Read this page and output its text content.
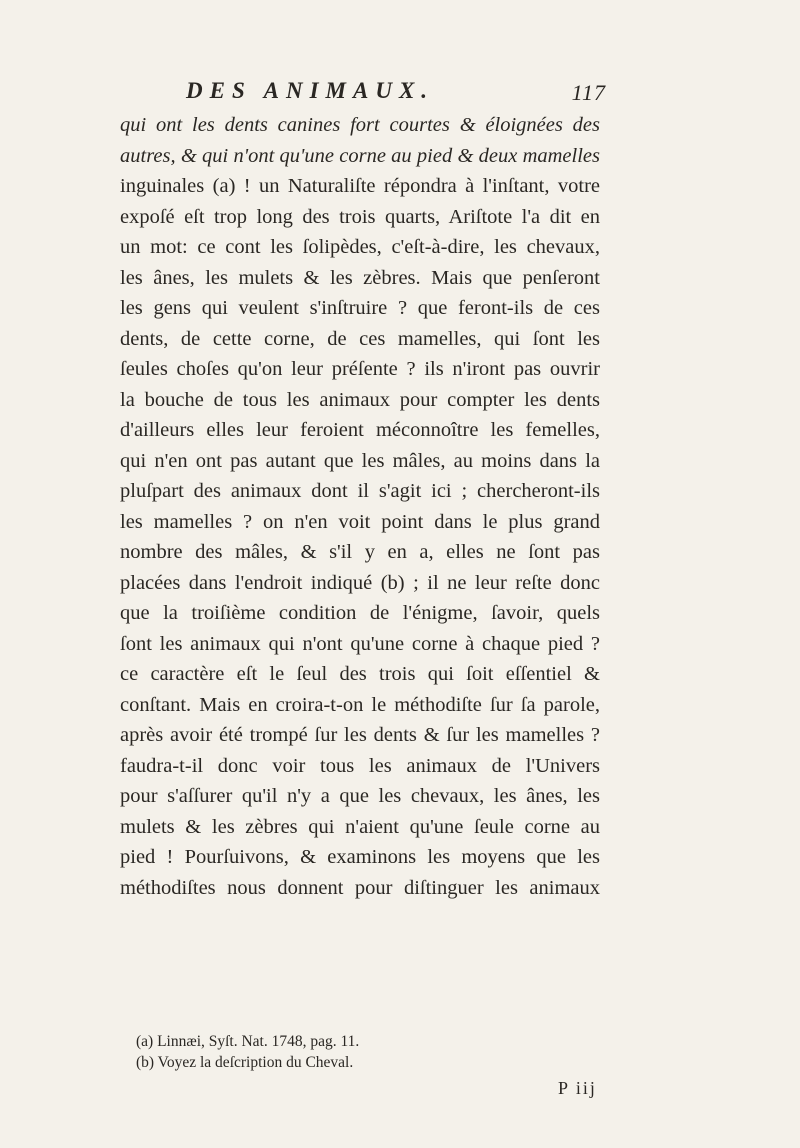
DES ANIMAUX.	117
qui ont les dents canines fort courtes & éloignées des
autres, & qui n'ont qu'une corne au pied & deux mamelles
inguinales (a) ! un Naturaliſte répondra à l'inſtant, votre
expoſé eſt trop long des trois quarts, Ariſtote l'a dit en
un mot: ce cont les ſolipèdes, c'eſt-à-dire, les chevaux,
les ânes, les mulets & les zèbres. Mais que penſeront
les gens qui veulent s'inſtruire ? que feront-ils de ces
dents, de cette corne, de ces mamelles, qui ſont les
ſeules choſes qu'on leur préſente ? ils n'iront pas ouvrir
la bouche de tous les animaux pour compter les dents
d'ailleurs elles leur feroient méconnoître les femelles,
qui n'en ont pas autant que les mâles, au moins dans la
pluſpart des animaux dont il s'agit ici ; chercheront-ils
les mamelles ? on n'en voit point dans le plus grand
nombre des mâles, & s'il y en a, elles ne ſont pas
placées dans l'endroit indiqué (b) ; il ne leur reſte donc
que la troiſième condition de l'énigme, ſavoir, quels
ſont les animaux qui n'ont qu'une corne à chaque pied ?
ce caractère eſt le ſeul des trois qui ſoit eſſentiel &
conſtant. Mais en croira-t-on le méthodiſte ſur ſa parole,
après avoir été trompé ſur les dents & ſur les mamelles ?
faudra-t-il donc voir tous les animaux de l'Univers
pour s'aſſurer qu'il n'y a que les chevaux, les ânes, les
mulets & les zèbres qui n'aient qu'une ſeule corne au
pied ! Pourſuivons, & examinons les moyens que les
méthodiſtes nous donnent pour diſtinguer les animaux
(a) Linnæi, Syſt. Nat. 1748, pag. 11.
(b) Voyez la deſcription du Cheval.
P iij
